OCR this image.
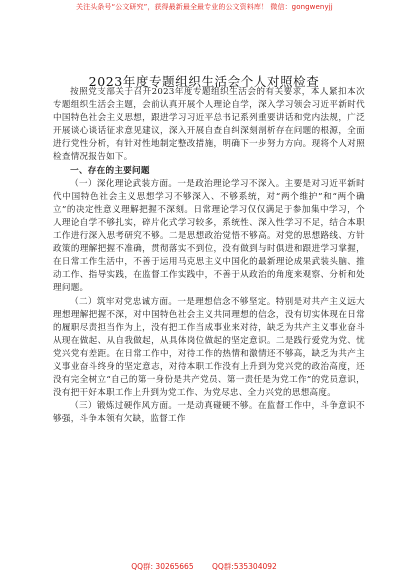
关注头条号“公文研究”，获得最新最全最专业的公文资料库！ 微信：gongwenyjj
2023年度专题组织生活会个人对照检查

按照党支部关于召开2023年度专题组织生活会的有关要求，本人紧扣本次专题组织生活会主题，会前认真开展个人理论自学，深入学习领会习近平新时代中国特色社会主义思想，跟进学习习近平总书记系列重要讲话和党内法规，广泛开展谈心谈话征求意见建议，深入开展自查自纠深刻剖析存在问题的根源，全面进行党性分析，有针对性地制定整改措施，明确下一步努力方向。现将个人对照检查情况报告如下。

一、存在的主要问题

（一）深化理论武装方面。一是政治理论学习不深入。主要是对习近平新时代中国特色社会主义思想学习不够深入、不够系统，对“两个维护”和“两个确立”的决定性意义理解把握不深刻。日常理论学习仅仅满足于参加集中学习，个人理论自学不够扎实，碎片化式学习较多，系统性、深入性学习不足，结合本职工作进行深入思考研究不够。二是思想政治觉悟不够高。对党的思想路线、方针政策的理解把握不准确，贯彻落实不到位，没有做到与时俱进和跟进学习掌握，在日常工作生活中，不善于运用马克思主义中国化的最新理论成果武装头脑、推动工作、指导实践，在监督工作实践中，不善于从政治的角度来观察、分析和处理问题。

（二）筑牢对党忠诚方面。一是理想信念不够坚定。特别是对共产主义远大理想理解把握不深，对中国特色社会主义共同理想的信念，没有切实体现在日常的履职尽责担当作为上，没有把工作当成事业来对待，缺乏为共产主义事业奋斗从现在做起、从自我做起，从具体岗位做起的坚定意识。二是践行爱党为党、忧党兴党有差距。在日常工作中，对待工作的热情和激情还不够高，缺乏为共产主义事业奋斗终身的坚定意志，对待本职工作没有上升到为党兴党的政治高度，还没有完全树立“自己的第一身份是共产党员、第一责任是为党工作”的党员意识，没有把干好本职工作上升到为党工作、为党尽忠、全力兴党的思想高度。

（三）锻炼过硬作风方面。一是动真碰硬不够。在监督工作中，斗争意识不够强，斗争本领有欠缺，监督工作

QQ群: 30265665 QQ群:535304092
